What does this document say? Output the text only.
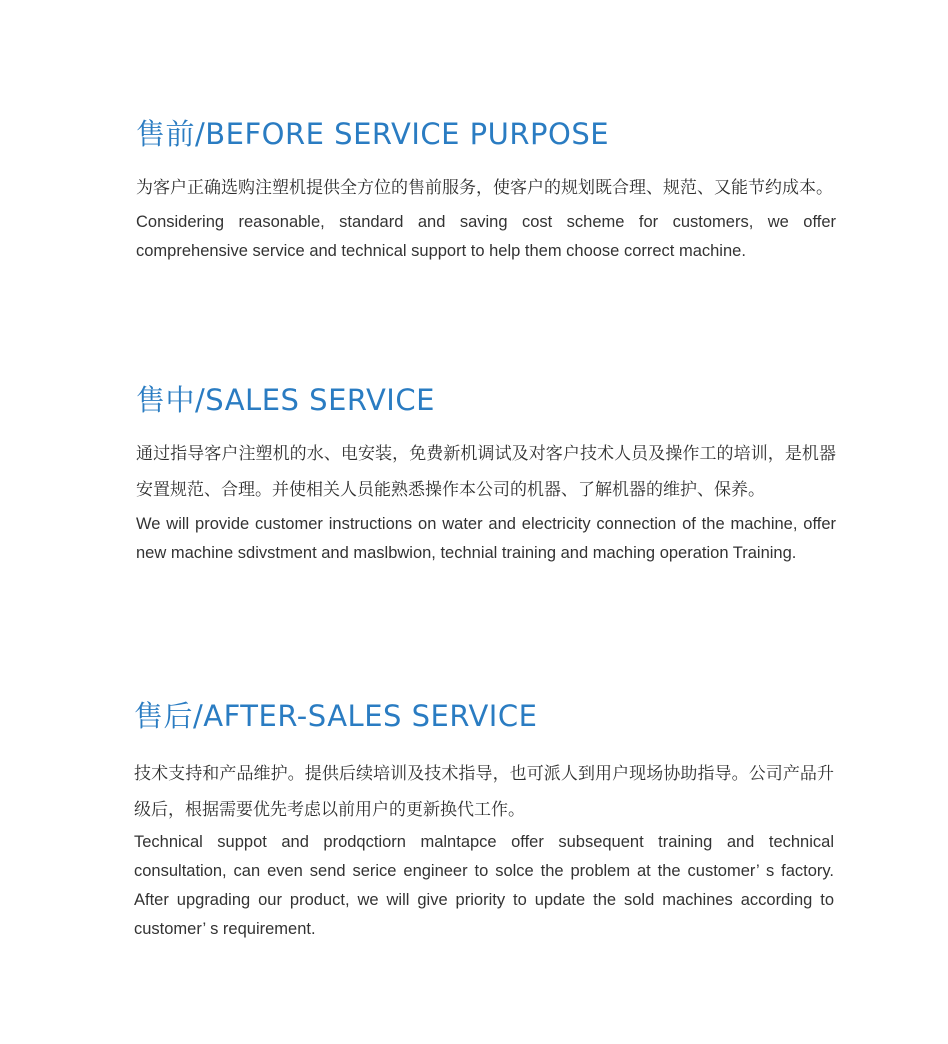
售前/BEFORE SERVICE PURPOSE

为客户正确选购注塑机提供全方位的售前服务，使客户的规划既合理、规范、又能节约成本。

Considering reasonable, standard and saving cost scheme for customers, we offer comprehensive service and technical support to help them choose correct machine.

售中/SALES SERVICE

通过指导客户注塑机的水、电安装，免费新机调试及对客户技术人员及操作工的培训，是机器安置规范、合理。并使相关人员能熟悉操作本公司的机器、了解机器的维护、保养。

We will provide customer instructions on water and electricity connection of the machine, offer new machine sdivstment and maslbwion, technial training and maching operation Training.

售后/AFTER-SALES SERVICE

技术支持和产品维护。提供后续培训及技术指导，也可派人到用户现场协助指导。公司产品升级后，根据需要优先考虑以前用户的更新换代工作。

Technical suppot and prodqctiorn malntapce offer subsequent training and technical consultation, can even send serice engineer to solce the problem at the customer’ s factory. After upgrading our product, we will give priority to update the sold machines according to customer’ s requirement.
